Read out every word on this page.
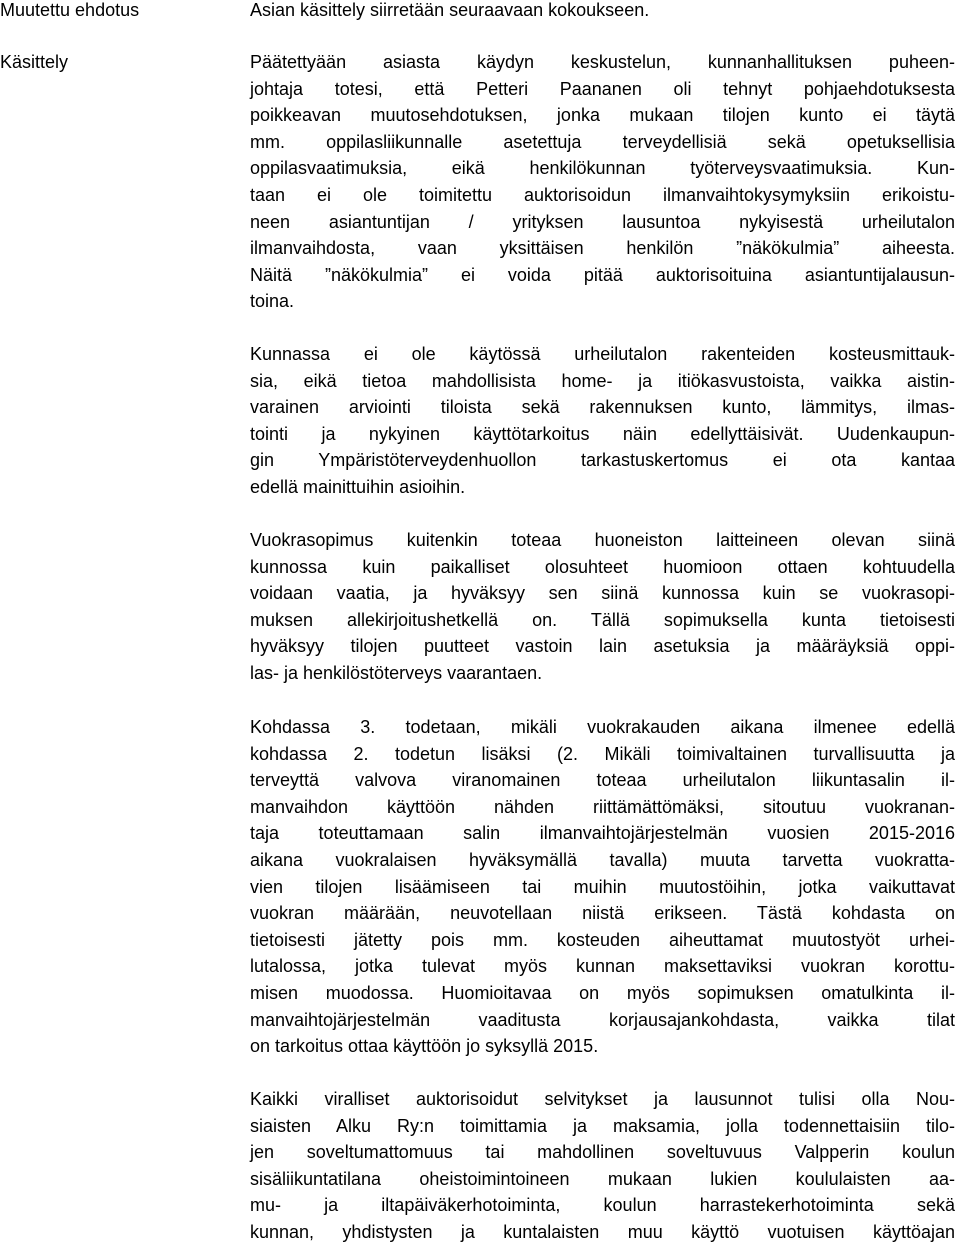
Muutettu ehdotus	Asian käsittely siirretään seuraavaan kokoukseen.
Käsittely	Päätettyään asiasta käydyn keskustelun, kunnanhallituksen puheen-
johtaja totesi, että Petteri Paananen oli tehnyt pohjaehdotuksesta
poikkeavan muutosehdotuksen, jonka mukaan tilojen kunto ei täytä
mm. oppilasliikunnalle asetettuja terveydellisiä sekä opetuksellisia
oppilasvaatimuksia, eikä henkilökunnan työterveysvaatimuksia. Kun-
taan ei ole toimitettu auktorisoidun ilmanvaihtokysymyksiin erikoistu-
neen asiantuntijan / yrityksen lausuntoa nykyisestä urheilutalon
ilmanvaihdosta, vaan yksittäisen henkilön ”näkökulmia” aiheesta.
Näitä ”näkökulmia” ei voida pitää auktorisoituina asiantuntijalausun-
toina.
Kunnassa ei ole käytössä urheilutalon rakenteiden kosteusmittauk-
sia, eikä tietoa mahdollisista home- ja itiökasvustoista, vaikka aistin-
varainen arviointi tiloista sekä rakennuksen kunto, lämmitys, ilmas-
tointi ja nykyinen käyttötarkoitus näin edellyttäisivät. Uudenkaupun-
gin Ympäristöterveydenhuollon tarkastuskertomus ei ota kantaa
edellä mainittuihin asioihin.
Vuokrasopimus kuitenkin toteaa huoneiston laitteineen olevan siinä
kunnossa kuin paikalliset olosuhteet huomioon ottaen kohtuudella
voidaan vaatia, ja hyväksyy sen siinä kunnossa kuin se vuokrasopi-
muksen allekirjoitushetkellä on. Tällä sopimuksella kunta tietoisesti
hyväksyy tilojen puutteet vastoin lain asetuksia ja määräyksiä oppi-
las- ja henkilöstöterveys vaarantaen.
Kohdassa 3. todetaan, mikäli vuokrakauden aikana ilmenee edellä
kohdassa 2. todetun lisäksi (2. Mikäli toimivaltainen turvallisuutta ja
terveyttä valvova viranomainen toteaa urheilutalon liikuntasalin il-
manvaihdon käyttöön nähden riittämättömäksi, sitoutuu vuokranan-
taja toteuttamaan salin ilmanvaihtojärjestelmän vuosien 2015-2016
aikana vuokralaisen hyväksymällä tavalla) muuta tarvetta vuokratta-
vien tilojen lisäämiseen tai muihin muutostöihin, jotka vaikuttavat
vuokran määrään, neuvotellaan niistä erikseen. Tästä kohdasta on
tietoisesti jätetty pois mm. kosteuden aiheuttamat muutostyöt urhei-
lutalossa, jotka tulevat myös kunnan maksettaviksi vuokran korottu-
misen muodossa. Huomioitavaa on myös sopimuksen omatulkinta il-
manvaihtojärjestelmän vaaditusta korjausajankohdasta, vaikka tilat
on tarkoitus ottaa käyttöön jo syksyllä 2015.
Kaikki viralliset auktorisoidut selvitykset ja lausunnot tulisi olla Nou-
siaisten Alku Ry:n toimittamia ja maksamia, jolla todennettaisiin tilo-
jen soveltumattomuus tai mahdollinen soveltuvuus Valpperin koulun
sisäliikuntatilana oheistoimintoineen mukaan lukien koululaisten aa-
mu- ja iltapäiväkerhotoiminta, koulun harrastekerhotoiminta sekä
kunnan, yhdistysten ja kuntalaisten muu käyttö vuotuisen käyttöajan
